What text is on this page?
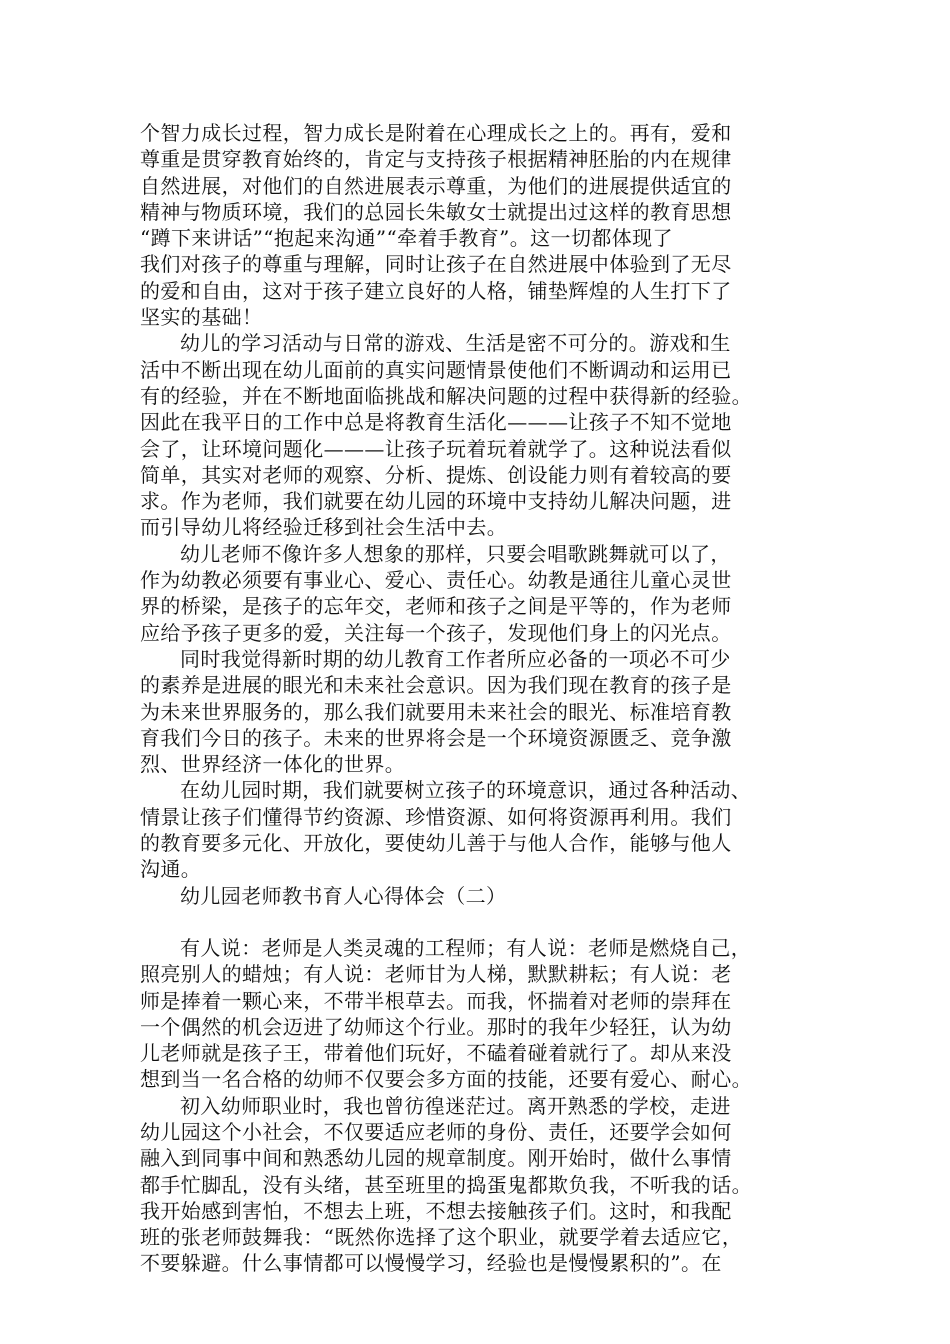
个智力成长过程，智力成长是附着在心理成长之上的。再有，爱和
尊重是贯穿教育始终的，肯定与支持孩子根据精神胚胎的内在规律
自然进展，对他们的自然进展表示尊重，为他们的进展提供适宜的
精神与物质环境，我们的总园长朱敏女士就提出过这样的教育思想
“蹲下来讲话”“抱起来沟通”“牵着手教育”。这一切都体现了
我们对孩子的尊重与理解，同时让孩子在自然进展中体验到了无尽
的爱和自由，这对于孩子建立良好的人格，铺垫辉煌的人生打下了
坚实的基础！

幼儿的学习活动与日常的游戏、生活是密不可分的。游戏和生
活中不断出现在幼儿面前的真实问题情景使他们不断调动和运用已
有的经验，并在不断地面临挑战和解决问题的过程中获得新的经验。
因此在我平日的工作中总是将教育生活化———让孩子不知不觉地
会了，让环境问题化———让孩子玩着玩着就学了。这种说法看似
简单，其实对老师的观察、分析、提炼、创设能力则有着较高的要
求。作为老师，我们就要在幼儿园的环境中支持幼儿解决问题，进
而引导幼儿将经验迁移到社会生活中去。

幼儿老师不像许多人想象的那样，只要会唱歌跳舞就可以了，
作为幼教必须要有事业心、爱心、责任心。幼教是通往儿童心灵世
界的桥梁，是孩子的忘年交，老师和孩子之间是平等的，作为老师
应给予孩子更多的爱，关注每一个孩子，发现他们身上的闪光点。

同时我觉得新时期的幼儿教育工作者所应必备的一项必不可少
的素养是进展的眼光和未来社会意识。因为我们现在教育的孩子是
为未来世界服务的，那么我们就要用未来社会的眼光、标准培育教
育我们今日的孩子。未来的世界将会是一个环境资源匮乏、竞争激
烈、世界经济一体化的世界。

在幼儿园时期，我们就要树立孩子的环境意识，通过各种活动、
情景让孩子们懂得节约资源、珍惜资源、如何将资源再利用。我们
的教育要多元化、开放化，要使幼儿善于与他人合作，能够与他人
沟通。

幼儿园老师教书育人心得体会（二）

有人说：老师是人类灵魂的工程师；有人说：老师是燃烧自己，
照亮别人的蜡烛；有人说：老师甘为人梯，默默耕耘；有人说：老
师是捧着一颗心来，不带半根草去。而我，怀揣着对老师的崇拜在
一个偶然的机会迈进了幼师这个行业。那时的我年少轻狂，认为幼
儿老师就是孩子王，带着他们玩好，不磕着碰着就行了。却从来没
想到当一名合格的幼师不仅要会多方面的技能，还要有爱心、耐心。

初入幼师职业时，我也曾彷徨迷茫过。离开熟悉的学校，走进
幼儿园这个小社会，不仅要适应老师的身份、责任，还要学会如何
融入到同事中间和熟悉幼儿园的规章制度。刚开始时，做什么事情
都手忙脚乱，没有头绪，甚至班里的捣蛋鬼都欺负我，不听我的话。
我开始感到害怕，不想去上班，不想去接触孩子们。这时，和我配
班的张老师鼓舞我：“既然你选择了这个职业，就要学着去适应它，
不要躲避。什么事情都可以慢慢学习，经验也是慢慢累积的”。在
